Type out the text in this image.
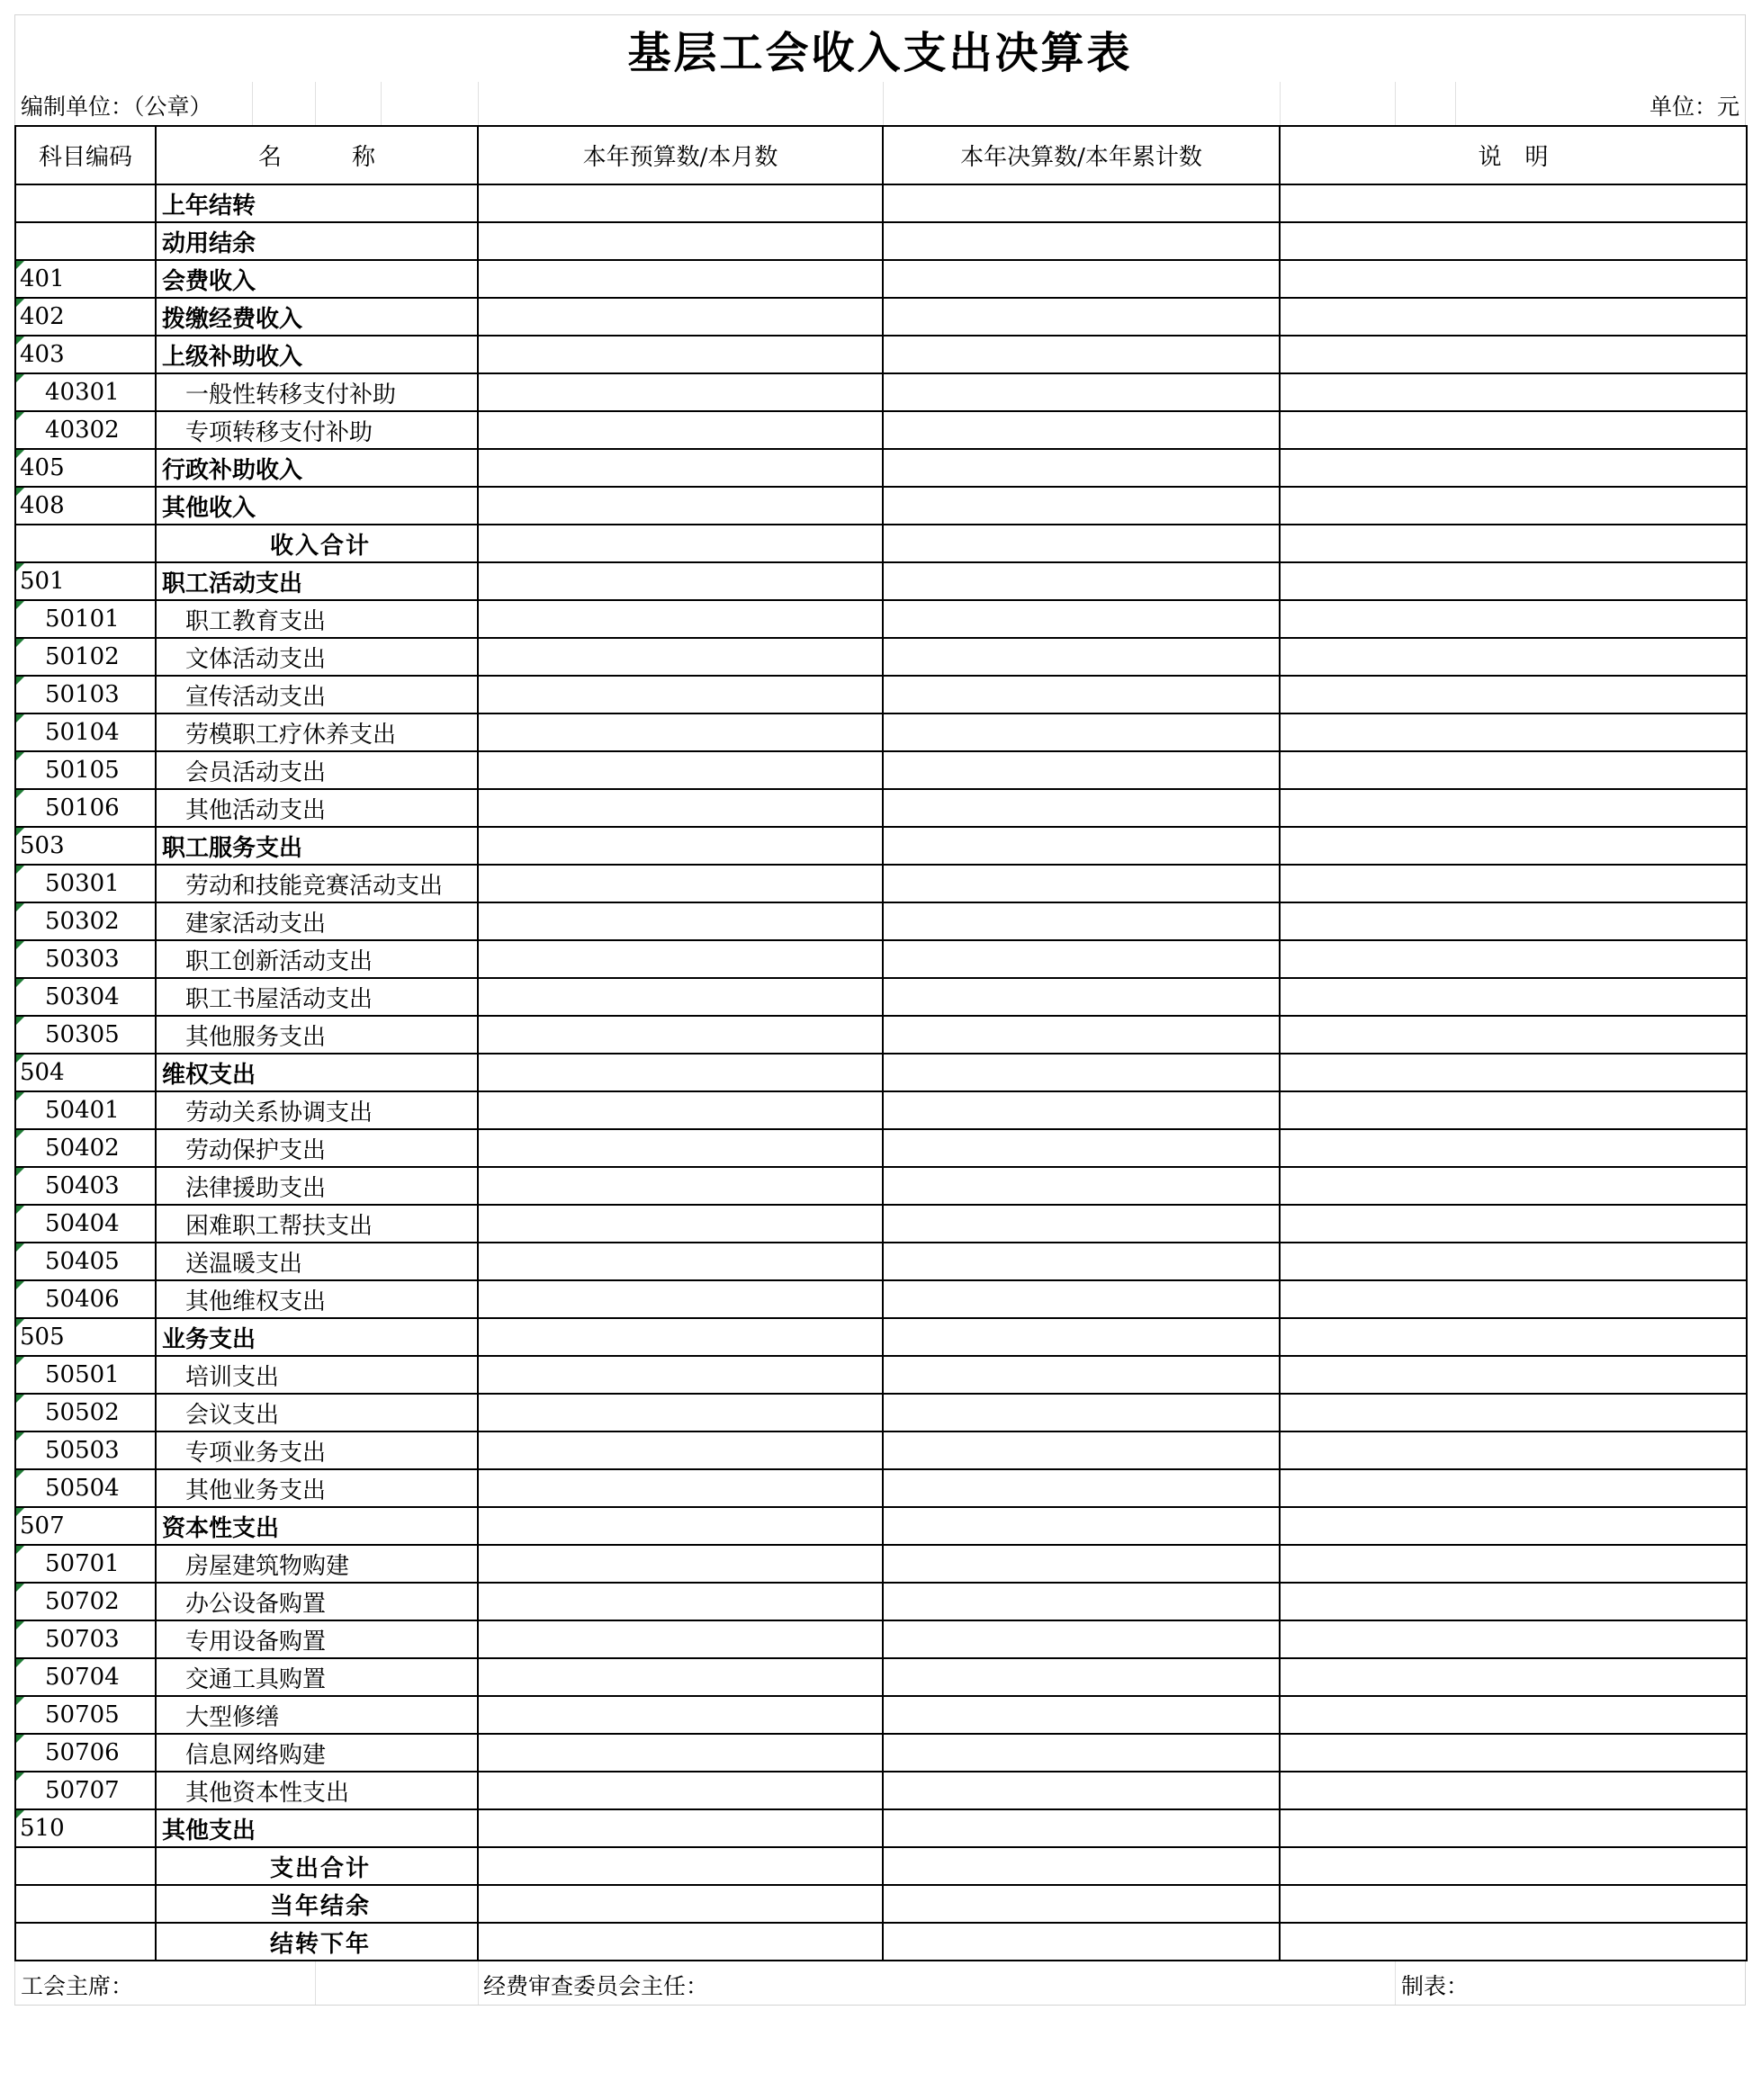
基层工会收入支出决算表
编制单位：（公章）	单位：元
科目编码	名　　　称	本年预算数/本月数	本年决算数/本年累计数	说　明
	上年结转			
	动用结余			

401	会费收入			

402	拨缴经费收入			

403	上级补助收入			

40301	一般性转移支付补助			

40302	专项转移支付补助			

405	行政补助收入			

408	其他收入			
	收入合计			

501	职工活动支出			

50101	职工教育支出			

50102	文体活动支出			

50103	宣传活动支出			

50104	劳模职工疗休养支出			

50105	会员活动支出			

50106	其他活动支出			

503	职工服务支出			

50301	劳动和技能竞赛活动支出			

50302	建家活动支出			

50303	职工创新活动支出			

50304	职工书屋活动支出			

50305	其他服务支出			

504	维权支出			

50401	劳动关系协调支出			

50402	劳动保护支出			

50403	法律援助支出			

50404	困难职工帮扶支出			

50405	送温暖支出			

50406	其他维权支出			

505	业务支出			

50501	培训支出			

50502	会议支出			

50503	专项业务支出			

50504	其他业务支出			

507	资本性支出			

50701	房屋建筑物购建			

50702	办公设备购置			

50703	专用设备购置			

50704	交通工具购置			

50705	大型修缮			

50706	信息网络购建			

50707	其他资本性支出			

510	其他支出			
	支出合计			
	当年结余			
	结转下年			
工会主席：	经费审查委员会主任：	制表：
